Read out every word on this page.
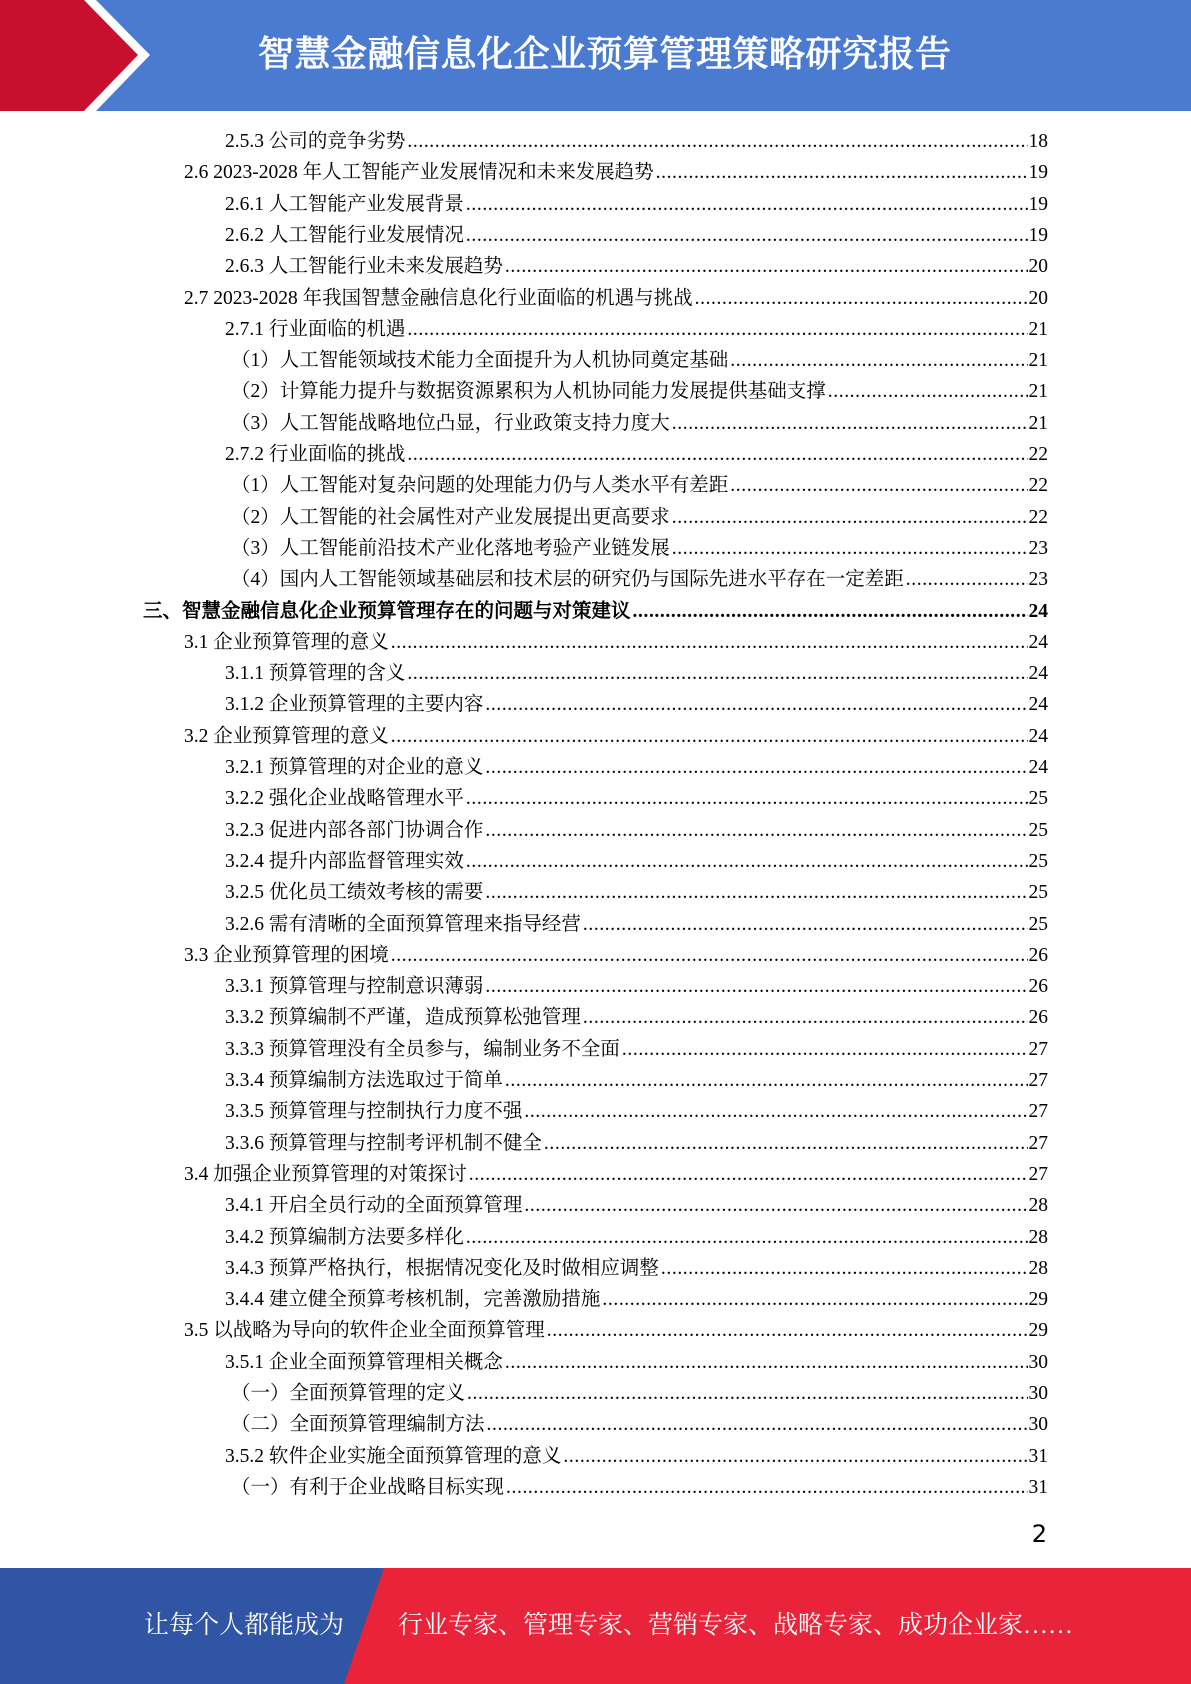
智慧金融信息化企业预算管理策略研究报告
2.5.3 公司的竞争劣势 .....	18
2.6 2023-2028 年人工智能产业发展情况和未来发展趋势 .....	19
2.6.1 人工智能产业发展背景 .....	19
2.6.2 人工智能行业发展情况 .....	19
2.6.3 人工智能行业未来发展趋势 .....	20
2.7 2023-2028 年我国智慧金融信息化行业面临的机遇与挑战 .....	20
2.7.1 行业面临的机遇 .....	21
（1）人工智能领域技术能力全面提升为人机协同奠定基础 .....	21
（2）计算能力提升与数据资源累积为人机协同能力发展提供基础支撑 .....	21
（3）人工智能战略地位凸显，行业政策支持力度大 .....	21
2.7.2 行业面临的挑战 .....	22
（1）人工智能对复杂问题的处理能力仍与人类水平有差距 .....	22
（2）人工智能的社会属性对产业发展提出更高要求 .....	22
（3）人工智能前沿技术产业化落地考验产业链发展 .....	23
（4）国内人工智能领域基础层和技术层的研究仍与国际先进水平存在一定差距 .....	23
三、智慧金融信息化企业预算管理存在的问题与对策建议 .....	24
3.1 企业预算管理的意义 .....	24
3.1.1 预算管理的含义 .....	24
3.1.2 企业预算管理的主要内容 .....	24
3.2 企业预算管理的意义 .....	24
3.2.1 预算管理的对企业的意义 .....	24
3.2.2 强化企业战略管理水平 .....	25
3.2.3 促进内部各部门协调合作 .....	25
3.2.4 提升内部监督管理实效 .....	25
3.2.5 优化员工绩效考核的需要 .....	25
3.2.6 需有清晰的全面预算管理来指导经营 .....	25
3.3 企业预算管理的困境 .....	26
3.3.1 预算管理与控制意识薄弱 .....	26
3.3.2 预算编制不严谨，造成预算松弛管理 .....	26
3.3.3 预算管理没有全员参与，编制业务不全面 .....	27
3.3.4 预算编制方法选取过于简单 .....	27
3.3.5 预算管理与控制执行力度不强 .....	27
3.3.6 预算管理与控制考评机制不健全 .....	27
3.4 加强企业预算管理的对策探讨 .....	27
3.4.1 开启全员行动的全面预算管理 .....	28
3.4.2 预算编制方法要多样化 .....	28
3.4.3 预算严格执行，根据情况变化及时做相应调整 .....	28
3.4.4 建立健全预算考核机制，完善激励措施 .....	29
3.5 以战略为导向的软件企业全面预算管理 .....	29
3.5.1 企业全面预算管理相关概念 .....	30
（一）全面预算管理的定义 .....	30
（二）全面预算管理编制方法 .....	30
3.5.2 软件企业实施全面预算管理的意义 .....	31
（一）有利于企业战略目标实现 .....	31
2
让每个人都能成为 行业专家、管理专家、营销专家、战略专家、成功企业家……
